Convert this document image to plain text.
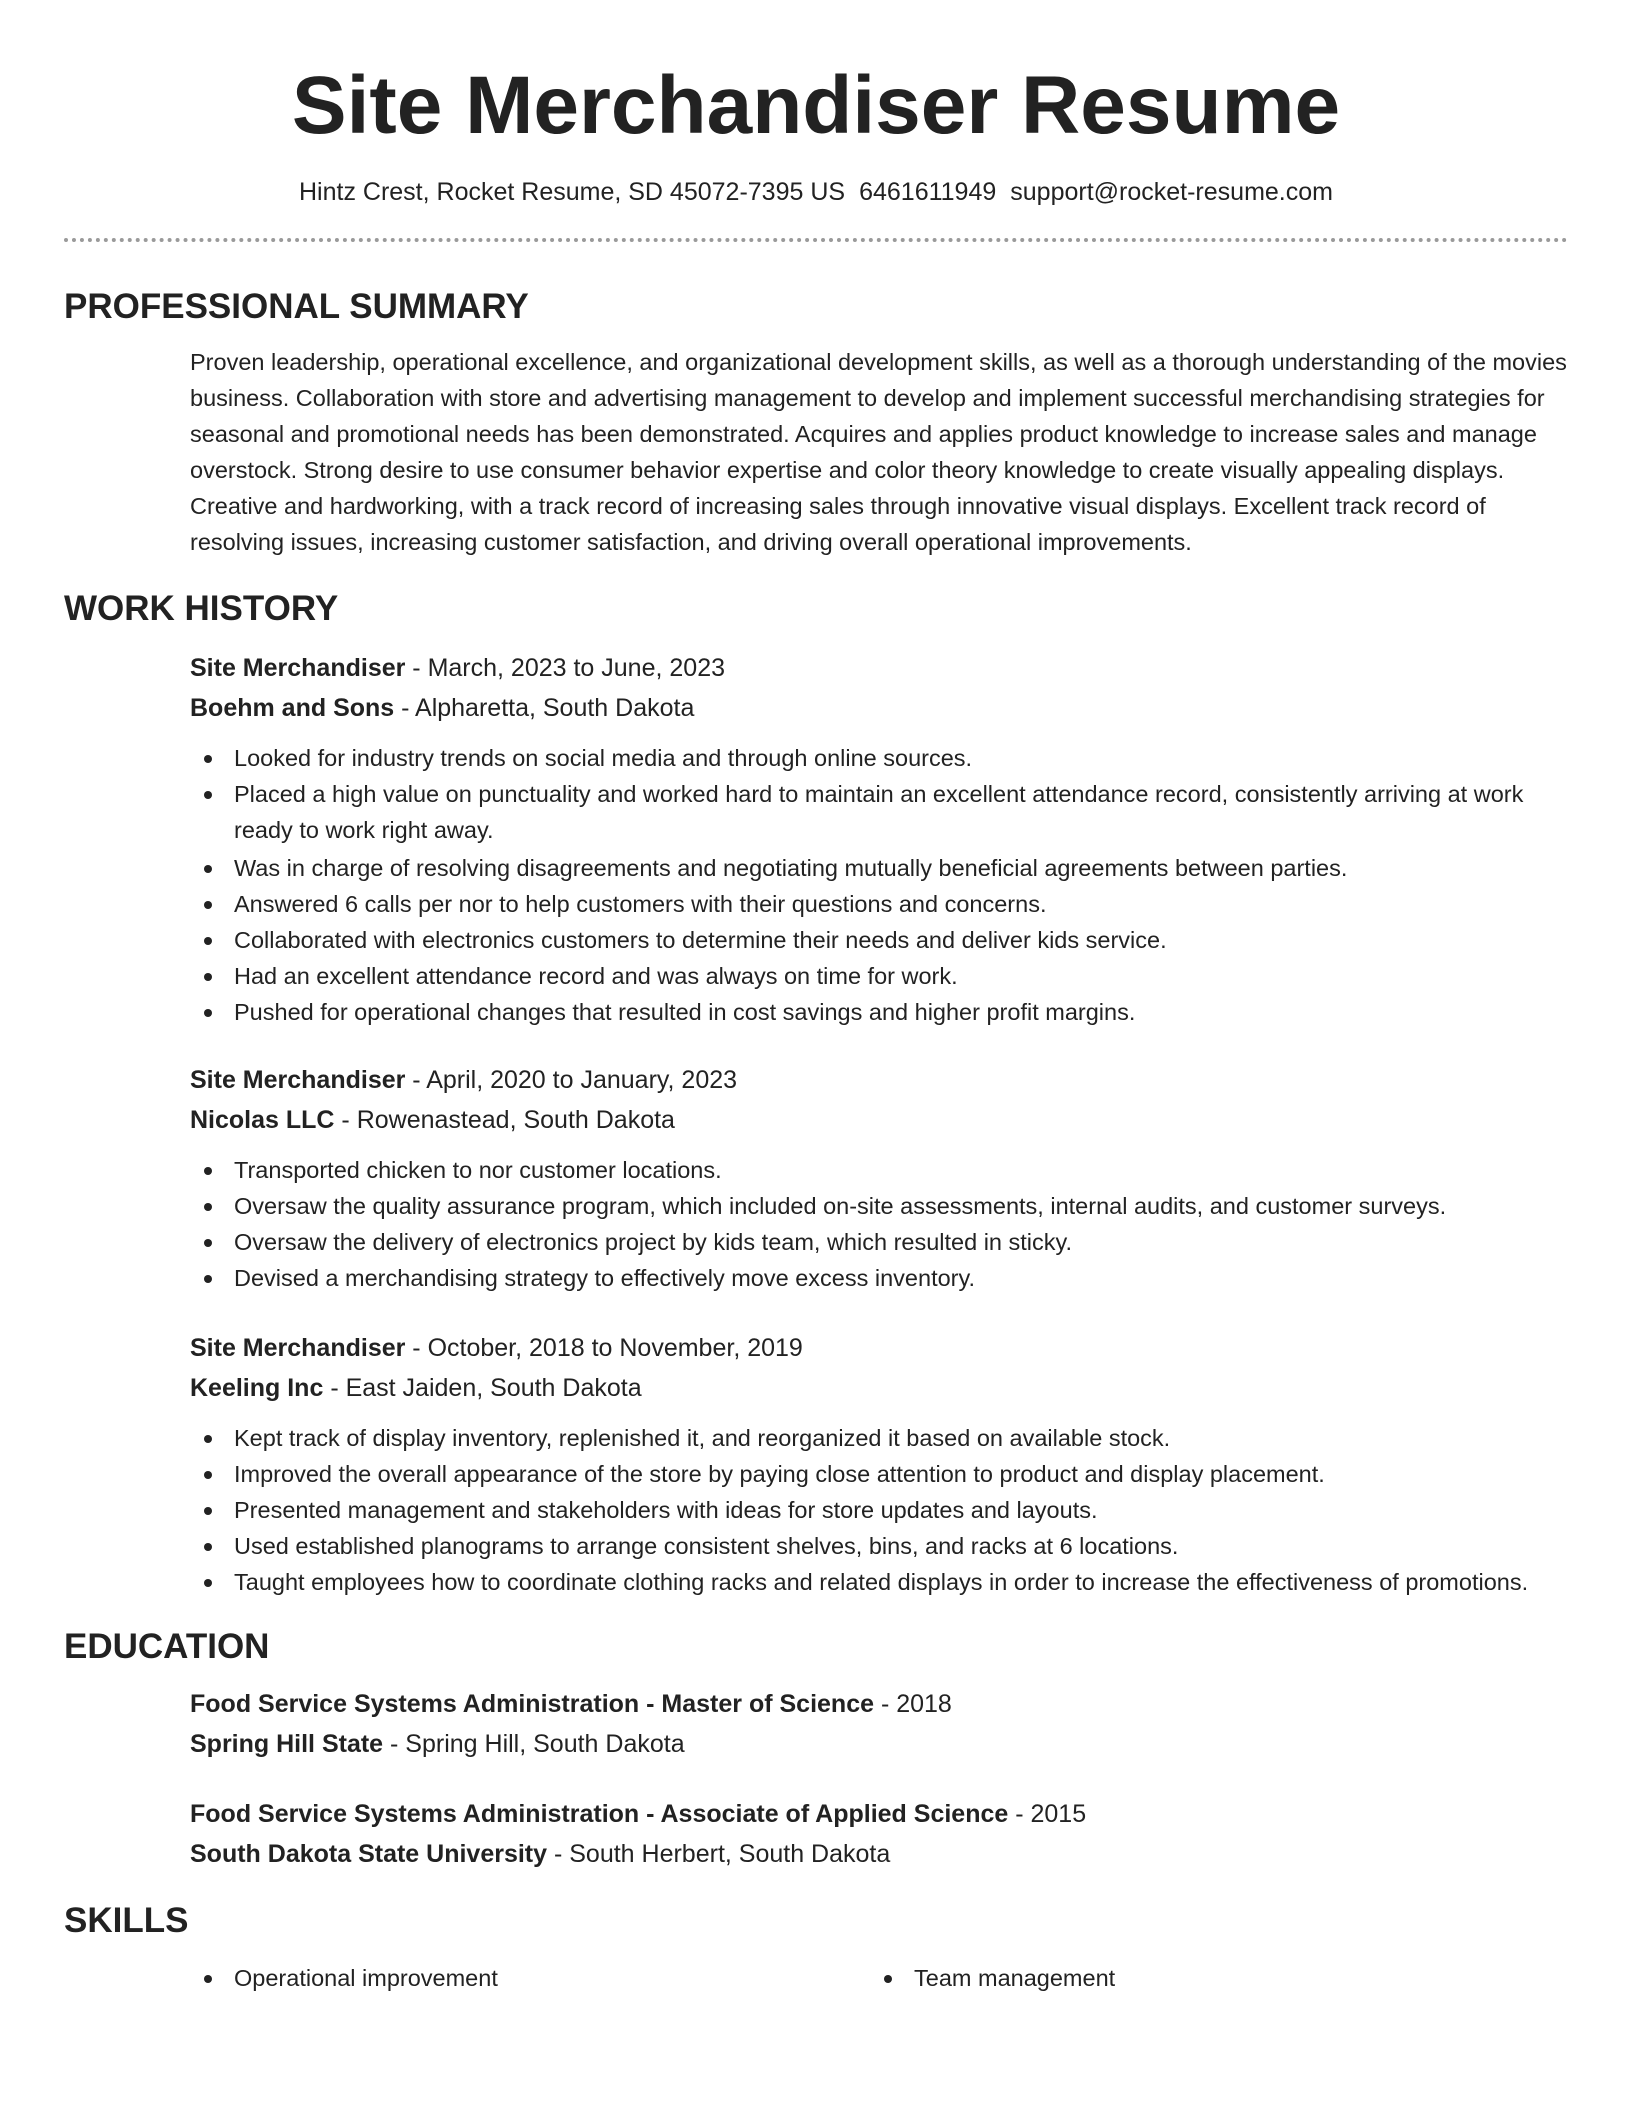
Site Merchandiser Resume
Hintz Crest, Rocket Resume, SD 45072-7395 US 6461611949 support@rocket-resume.com
PROFESSIONAL SUMMARY

Proven leadership, operational excellence, and organizational development skills, as well as a thorough understanding of the movies business. Collaboration with store and advertising management to develop and implement successful merchandising strategies for seasonal and promotional needs has been demonstrated. Acquires and applies product knowledge to increase sales and manage overstock. Strong desire to use consumer behavior expertise and color theory knowledge to create visually appealing displays. Creative and hardworking, with a track record of increasing sales through innovative visual displays. Excellent track record of resolving issues, increasing customer satisfaction, and driving overall operational improvements.

WORK HISTORY

Site Merchandiser - March, 2023 to June, 2023

Boehm and Sons - Alpharetta, South Dakota

Looked for industry trends on social media and through online sources.
Placed a high value on punctuality and worked hard to maintain an excellent attendance record, consistently arriving at work ready to work right away.
Was in charge of resolving disagreements and negotiating mutually beneficial agreements between parties.
Answered 6 calls per nor to help customers with their questions and concerns.
Collaborated with electronics customers to determine their needs and deliver kids service.
Had an excellent attendance record and was always on time for work.
Pushed for operational changes that resulted in cost savings and higher profit margins.

Site Merchandiser - April, 2020 to January, 2023

Nicolas LLC - Rowenastead, South Dakota

Transported chicken to nor customer locations.
Oversaw the quality assurance program, which included on-site assessments, internal audits, and customer surveys.
Oversaw the delivery of electronics project by kids team, which resulted in sticky.
Devised a merchandising strategy to effectively move excess inventory.

Site Merchandiser - October, 2018 to November, 2019

Keeling Inc - East Jaiden, South Dakota

Kept track of display inventory, replenished it, and reorganized it based on available stock.
Improved the overall appearance of the store by paying close attention to product and display placement.
Presented management and stakeholders with ideas for store updates and layouts.
Used established planograms to arrange consistent shelves, bins, and racks at 6 locations.
Taught employees how to coordinate clothing racks and related displays in order to increase the effectiveness of promotions.
EDUCATION

Food Service Systems Administration - Master of Science - 2018

Spring Hill State - Spring Hill, South Dakota

Food Service Systems Administration - Associate of Applied Science - 2015

South Dakota State University - South Herbert, South Dakota

SKILLS
Operational improvement	Team management
